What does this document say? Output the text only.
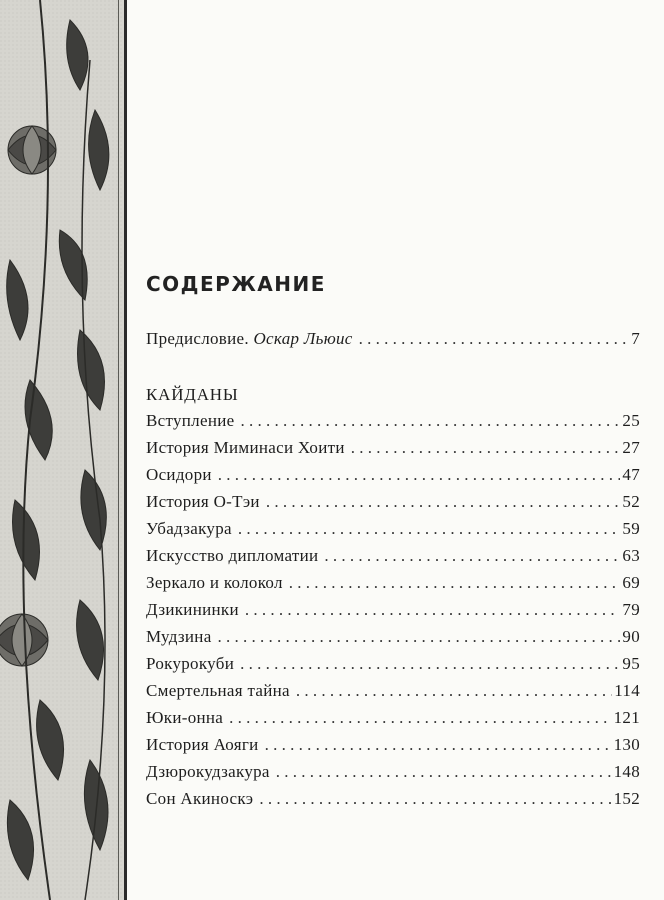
СОДЕРЖАНИЕ
Предисловие. Оскар Льюис . . .	7
КАЙДАНЫ
Вступление . . .	25
История Миминаси Хоити . . .	27
Осидори . . .	47
История О-Тэи . . .	52
Убадзакура . . .	59
Искусство дипломатии . . .	63
Зеркало и колокол . . .	69
Дзикининки . . .	79
Мудзина . . .	90
Рокурокуби . . .	95
Смертельная тайна . . .	114
Юки-онна . . .	121
История Аояги . . .	130
Дзюрокудзакура . . .	148
Сон Акиноскэ . . .	152
